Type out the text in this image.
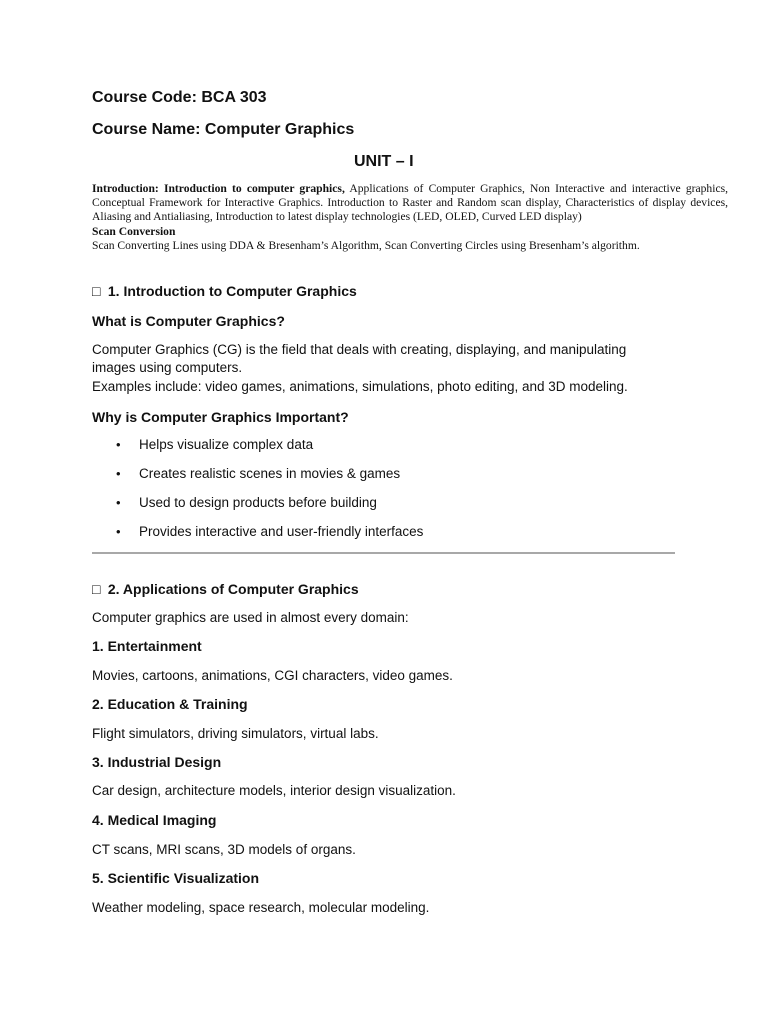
Course Code: BCA 303

Course Name: Computer Graphics

UNIT – I

Introduction: Introduction to computer graphics, Applications of Computer Graphics, Non Interactive and interactive graphics, Conceptual Framework for Interactive Graphics. Introduction to Raster and Random scan display, Characteristics of display devices, Aliasing and Antialiasing, Introduction to latest display technologies (LED, OLED, Curved LED display)
Scan Conversion
Scan Converting Lines using DDA & Bresenham’s Algorithm, Scan Converting Circles using Bresenham’s algorithm.

□ 1. Introduction to Computer Graphics

What is Computer Graphics?

Computer Graphics (CG) is the field that deals with creating, displaying, and manipulating

images using computers.

Examples include: video games, animations, simulations, photo editing, and 3D modeling.

Why is Computer Graphics Important?

• Helps visualize complex data
• Creates realistic scenes in movies & games
• Used to design products before building
• Provides interactive and user-friendly interfaces

□ 2. Applications of Computer Graphics

Computer graphics are used in almost every domain:

1. Entertainment

Movies, cartoons, animations, CGI characters, video games.

2. Education & Training

Flight simulators, driving simulators, virtual labs.

3. Industrial Design

Car design, architecture models, interior design visualization.

4. Medical Imaging

CT scans, MRI scans, 3D models of organs.

5. Scientific Visualization

Weather modeling, space research, molecular modeling.
